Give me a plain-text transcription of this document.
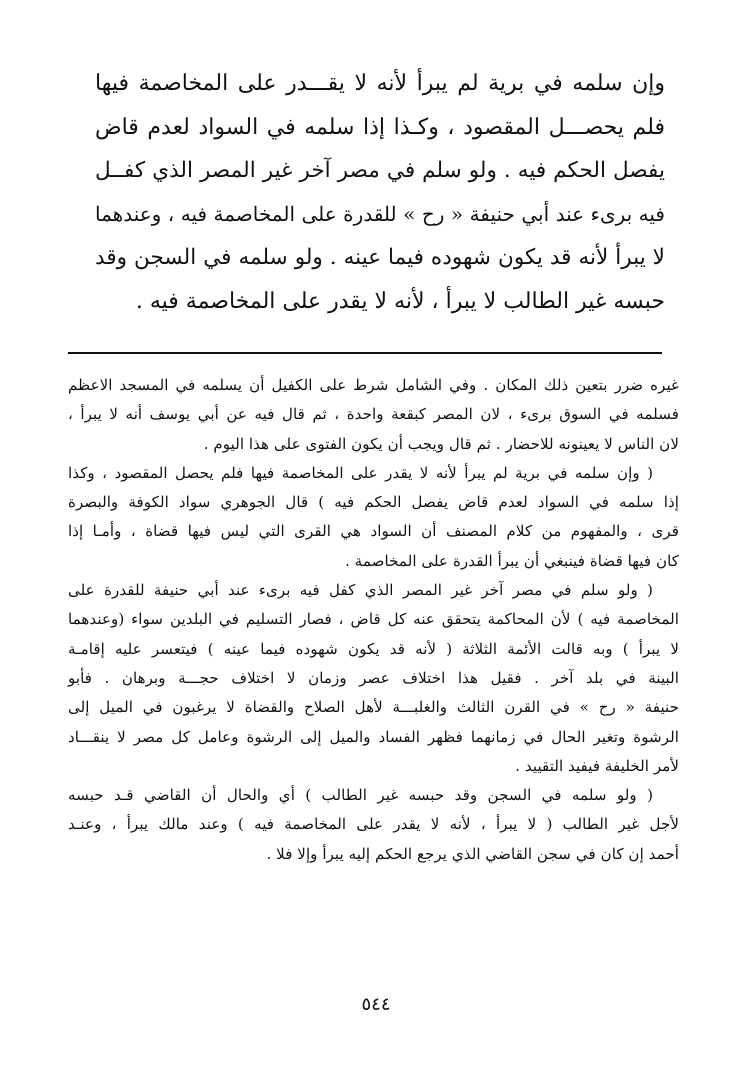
وإن سلمه في برية لم يبرأ لأنه لا يقـــدر على المخاصمة فيها
فلم يحصـــل المقصود ، وكـذا إذا سلمه في السواد لعدم قاض
يفصل الحكم فيه . ولو سلم في مصر آخر غير المصر الذي كفــل
فيه برىء عند أبي حنيفة « رح » للقدرة على المخاصمة فيه ، وعندهما
لا يبرأ لأنه قد يكون شهوده فيما عينه . ولو سلمه في السجن وقد
حبسه غير الطالب لا يبرأ ، لأنه لا يقدر على المخاصمة فيه .
غيره ضرر بتعين ذلك المكان . وفي الشامل شرط على الكفيل أن يسلمه في المسجد الاعظم
فسلمه في السوق برىء ، لان المصر كبقعة واحدة ، ثم قال فيه عن أبي يوسف أنه لا يبرأ ،
لان الناس لا يعينونه للاحضار . ثم قال ويجب أن يكون الفتوى على هذا اليوم .
( وإن سلمه في برية لم يبرأ لأنه لا يقدر على المخاصمة فيها فلم يحصل المقصود ، وكذا
إذا سلمه في السواد لعدم قاض يفصل الحكم فيه ) قال الجوهري سواد الكوفة والبصرة
قرى ، والمفهوم من كلام المصنف أن السواد هي القرى التي ليس فيها قضاة ، وأمـا إذا
كان فيها قضاة فينبغي أن يبرأ القدرة على المخاصمة .
( ولو سلم في مصر آخر غير المصر الذي كفل فيه برىء عند أبي حنيفة للقدرة على
المخاصمة فيه ) لأن المحاكمة يتحقق عنه كل قاض ، فصار التسليم في البلدين سواء (وعندهما
لا يبرأ ) وبه قالت الأئمة الثلاثة ( لأنه قد يكون شهوده فيما عينه ) فيتعسر عليه إقامـة
البينة في بلد آخر . فقيل هذا اختلاف عصر وزمان لا اختلاف حجـــة وبرهان . فأبو
حنيفة « رح » في القرن الثالث والغلبـــة لأهل الصلاح والقضاة لا يرغبون في الميل إلى
الرشوة وتغير الحال في زمانهما فظهر الفساد والميل إلى الرشوة وعامل كل مصر لا ينقـــاد
لأمر الخليفة فيفيد التقييد .
( ولو سلمه في السجن وقد حبسه غير الطالب ) أي والحال أن القاضي قـد حبسه
لأجل غير الطالب ( لا يبرأ ، لأنه لا يقدر على المخاصمة فيه ) وعند مالك يبرأ ، وعنـد
أحمد إن كان في سجن القاضي الذي يرجع الحكم إليه يبرأ وإلا فلا .
٥٤٤
